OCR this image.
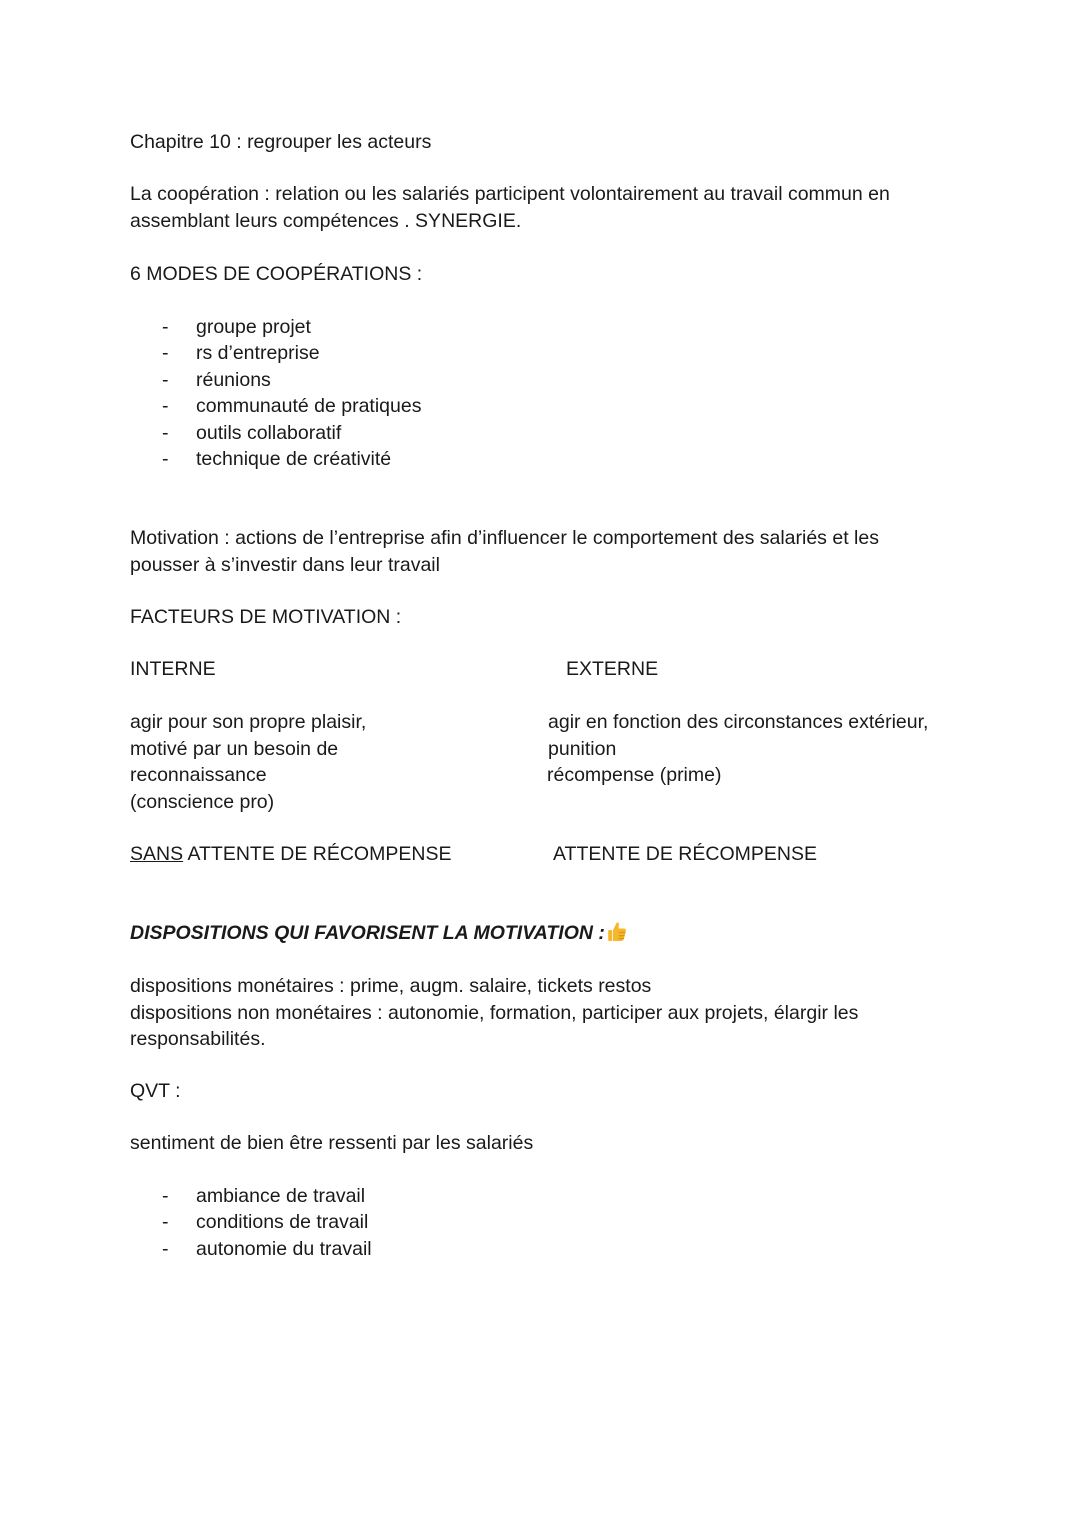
Chapitre 10 : regrouper les acteurs

La coopération : relation ou les salariés participent volontairement au travail commun en
assemblant leurs compétences . SYNERGIE.

6 MODES DE COOPÉRATIONS :

- groupe projet
- rs d’entreprise
- réunions
- communauté de pratiques
- outils collaboratif
- technique de créativité
Motivation : actions de l’entreprise afin d’influencer le comportement des salariés et les
pousser à s’investir dans leur travail

FACTEURS DE MOTIVATION :

INTERNE	EXTERNE

agir pour son propre plaisir,
motivé par un besoin de
reconnaissance
(conscience pro)
agir en fonction des circonstances extérieur,
punition
récompense (prime)

SANS ATTENTE DE RÉCOMPENSE	ATTENTE DE RÉCOMPENSE

DISPOSITIONS QUI FAVORISENT LA MOTIVATION :

dispositions monétaires : prime, augm. salaire, tickets restos
dispositions non monétaires : autonomie, formation, participer aux projets, élargir les
responsabilités.

QVT :

sentiment de bien être ressenti par les salariés

- ambiance de travail
- conditions de travail
- autonomie du travail
